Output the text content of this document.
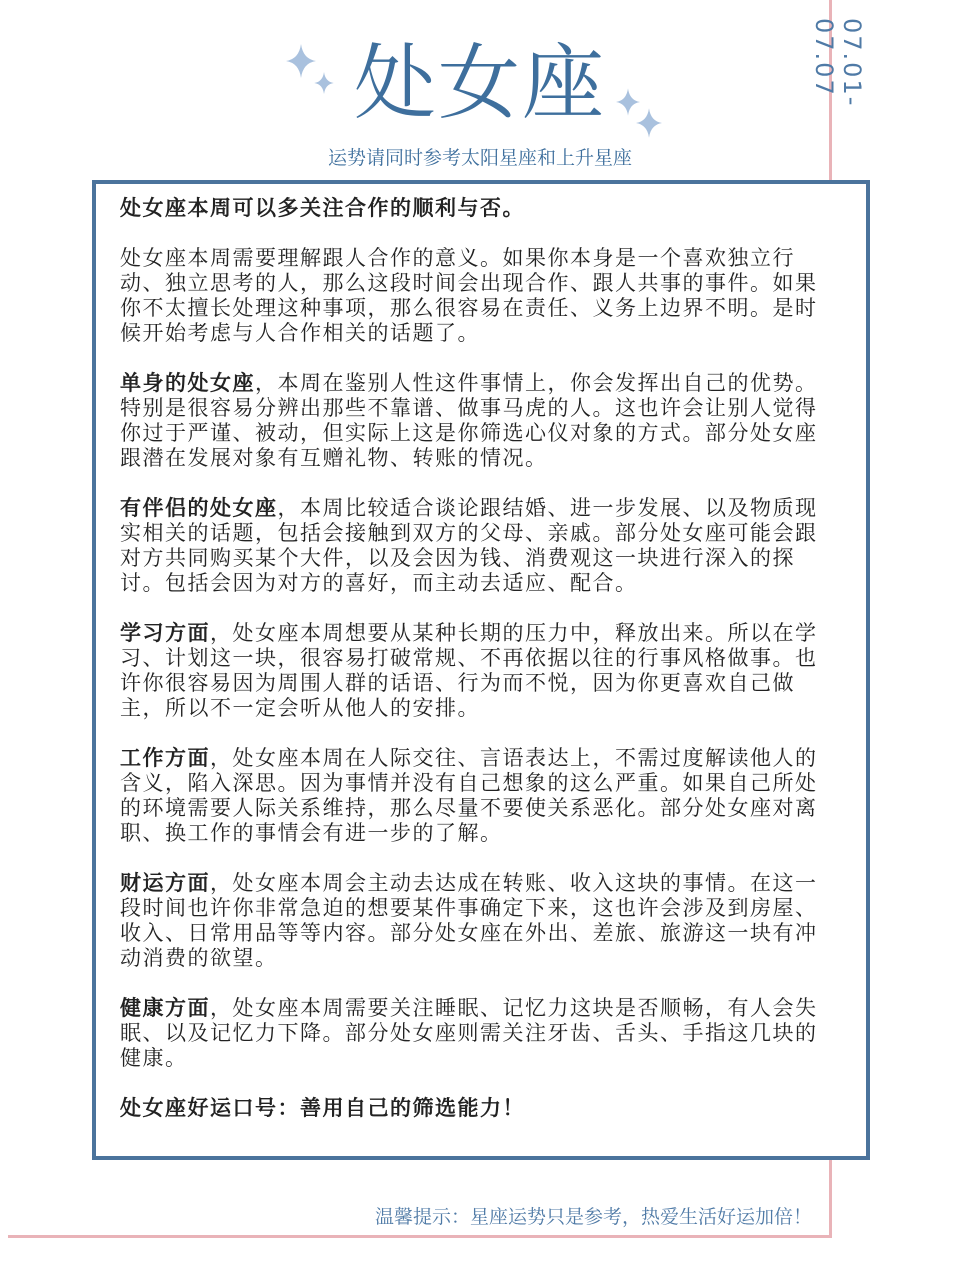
07.01-07.07
处女座
运势请同时参考太阳星座和上升星座

处女座本周可以多关注合作的顺利与否。

处女座本周需要理解跟人合作的意义。如果你本身是一个喜欢独立行动、独立思考的人，那么这段时间会出现合作、跟人共事的事件。如果你不太擅长处理这种事项，那么很容易在责任、义务上边界不明。是时候开始考虑与人合作相关的话题了。

单身的处女座，本周在鉴别人性这件事情上，你会发挥出自己的优势。特别是很容易分辨出那些不靠谱、做事马虎的人。这也许会让别人觉得你过于严谨、被动，但实际上这是你筛选心仪对象的方式。部分处女座跟潜在发展对象有互赠礼物、转账的情况。

有伴侣的处女座，本周比较适合谈论跟结婚、进一步发展、以及物质现实相关的话题，包括会接触到双方的父母、亲戚。部分处女座可能会跟对方共同购买某个大件，以及会因为钱、消费观这一块进行深入的探讨。包括会因为对方的喜好，而主动去适应、配合。

学习方面，处女座本周想要从某种长期的压力中，释放出来。所以在学习、计划这一块，很容易打破常规、不再依据以往的行事风格做事。也许你很容易因为周围人群的话语、行为而不悦，因为你更喜欢自己做主，所以不一定会听从他人的安排。

工作方面，处女座本周在人际交往、言语表达上，不需过度解读他人的含义，陷入深思。因为事情并没有自己想象的这么严重。如果自己所处的环境需要人际关系维持，那么尽量不要使关系恶化。部分处女座对离职、换工作的事情会有进一步的了解。

财运方面，处女座本周会主动去达成在转账、收入这块的事情。在这一段时间也许你非常急迫的想要某件事确定下来，这也许会涉及到房屋、收入、日常用品等等内容。部分处女座在外出、差旅、旅游这一块有冲动消费的欲望。

健康方面，处女座本周需要关注睡眠、记忆力这块是否顺畅，有人会失眠、以及记忆力下降。部分处女座则需关注牙齿、舌头、手指这几块的健康。

处女座好运口号：善用自己的筛选能力！

温馨提示：星座运势只是参考，热爱生活好运加倍！
